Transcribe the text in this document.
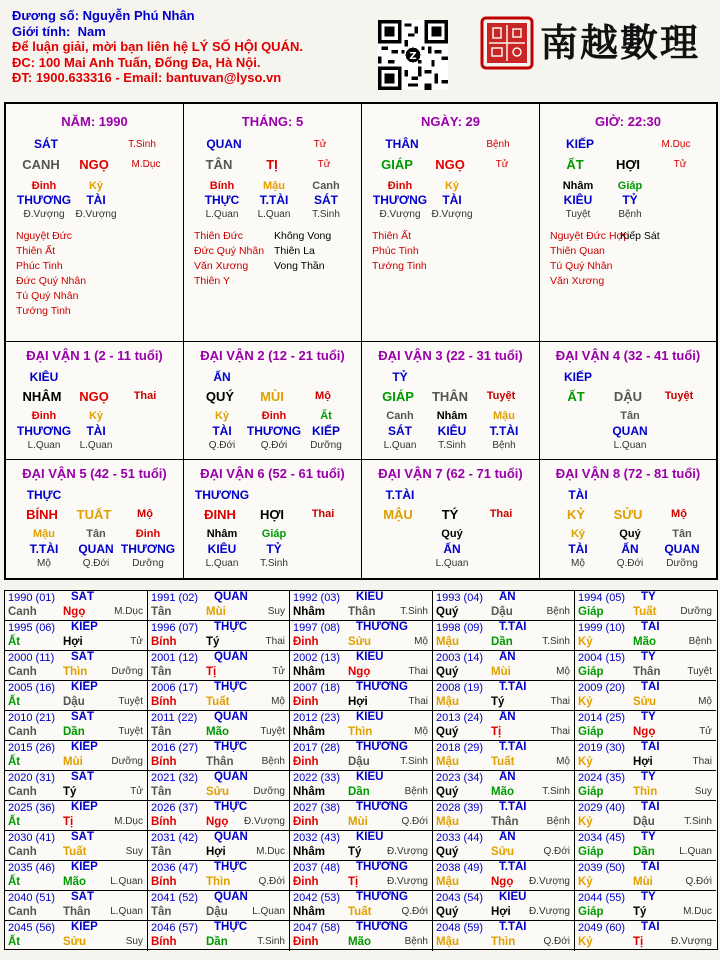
Đương số: Nguyễn Phú Nhân
Giới tính: Nam
Để luận giải, mời bạn liên hệ LÝ SỐ HỘI QUÁN.
ĐC: 100 Mai Anh Tuấn, Đống Đa, Hà Nội.
ĐT: 1900.633316 - Email: bantuvan@lyso.vn
Z	南越數理
NĂM: 1990
SÁT	T.Sinh
CANH	NGỌ	M.Dục
Đinh
THƯƠNG
Đ.Vượng
Kỷ
TÀI
Đ.Vượng
Nguyệt Đức
Thiên Ất
Phúc Tinh
Đức Quý Nhân
Tú Quý Nhân
Tướng Tinh
THÁNG: 5
QUAN	Tử
TÂN	TỊ	Tử
Bính
THỰC
L.Quan
Mậu
T.TÀI
L.Quan
Canh
SÁT
T.Sinh
Thiên Đức
Đức Quý Nhân
Văn Xương
Thiên Y
Không Vong
Thiên La
Vong Thần
NGÀY: 29
THÂN	Bệnh
GIÁP	NGỌ	Tử
Đinh
THƯƠNG
Đ.Vượng
Kỷ
TÀI
Đ.Vượng
Thiên Ất
Phúc Tinh
Tướng Tinh
GIỜ: 22:30
KIẾP	M.Dục
ẤT	HỢI	Tử
Nhâm
KIÊU
Tuyệt
Giáp
TỶ
Bệnh
Nguyệt Đức Hợp
Thiên Quan
Tú Quý Nhân
Văn Xương
Kiếp Sát
ĐẠI VẬN 1 (2 - 11 tuổi)
KIÊU
NHÂM	NGỌ	Thai
Đinh
THƯƠNG
L.Quan
Kỷ
TÀI
L.Quan
ĐẠI VẬN 2 (12 - 21 tuổi)
ẤN
QUÝ	MÙI	Mộ
Kỷ
TÀI
Q.Đới
Đinh
THƯƠNG
Q.Đới
Ất
KIẾP
Dưỡng
ĐẠI VẬN 3 (22 - 31 tuổi)
TỶ
GIÁP	THÂN	Tuyệt
Canh
SÁT
L.Quan
Nhâm
KIÊU
T.Sinh
Mậu
T.TÀI
Bệnh
ĐẠI VẬN 4 (32 - 41 tuổi)
KIẾP
ẤT	DẬU	Tuyệt
Tân
QUAN
L.Quan
ĐẠI VẬN 5 (42 - 51 tuổi)
THỰC
BÍNH	TUẤT	Mộ
Mậu
T.TÀI
Mộ
Tân
QUAN
Q.Đới
Đinh
THƯƠNG
Dưỡng
ĐẠI VẬN 6 (52 - 61 tuổi)
THƯƠNG
ĐINH	HỢI	Thai
Nhâm
KIÊU
L.Quan
Giáp
TỶ
T.Sinh
ĐẠI VẬN 7 (62 - 71 tuổi)
T.TÀI
MẬU	TÝ	Thai
Quý
ẤN
L.Quan
ĐẠI VẬN 8 (72 - 81 tuổi)
TÀI
KỶ	SỬU	Mộ
Kỷ
TÀI
Mộ
Quý
ẤN
Q.Đới
Tân
QUAN
Dưỡng
1990 (01) SÁT
Canh Ngọ	M.Dục
1991 (02) QUAN
Tân	Mùi	Suy
1992 (03) KIÊU
Nhâm Thân T.Sinh
1993 (04) ẤN
Quý	Dậu	Bệnh
1994 (05) TỶ
Giáp	Tuất Dưỡng
1995 (06) KIẾP
Ất	Hợi	Tử
1996 (07) THỰC
Bính	Tý	Thai
1997 (08) THƯƠNG
Đinh	Sửu	Mộ
1998 (09) T.TÀI
Mậu	Dần	T.Sinh
1999 (10) TÀI
Kỷ	Mão	Bệnh
2000 (11) SÁT
Canh Thìn Dưỡng
2001 (12) QUAN
Tân	Tị	Tử
2002 (13) KIÊU
Nhâm Ngọ	Thai
2003 (14) ẤN
Quý	Mùi	Mộ
2004 (15) TỶ
Giáp	Thân	Tuyệt
2005 (16) KIẾP
Ất	Dậu	Tuyệt
2006 (17) THỰC
Bính	Tuất	Mộ
2007 (18) THƯƠNG
Đinh	Hợi	Thai
2008 (19) T.TÀI
Mậu	Tý	Thai
2009 (20) TÀI
Kỷ	Sửu	Mộ
2010 (21) SÁT
Canh Dần	Tuyệt
2011 (22) QUAN
Tân	Mão	Tuyệt
2012 (23) KIÊU
Nhâm Thìn	Mộ
2013 (24) ẤN
Quý	Tị	Thai
2014 (25) TỶ
Giáp	Ngọ	Tử
2015 (26) KIẾP
Ất	Mùi	Dưỡng
2016 (27) THỰC
Bính	Thân	Bệnh
2017 (28) THƯƠNG
Đinh	Dậu	T.Sinh
2018 (29) T.TÀI
Mậu	Tuất	Mộ
2019 (30) TÀI
Kỷ	Hợi	Thai
2020 (31) SÁT
Canh Tý	Tử
2021 (32) QUAN
Tân	Sửu Dưỡng
2022 (33) KIÊU
Nhâm Dần	Bệnh
2023 (34) ẤN
Quý	Mão	T.Sinh
2024 (35) TỶ
Giáp	Thìn	Suy
2025 (36) KIẾP
Ất	Tị	M.Dục
2026 (37) THỰC
Bính	Ngọ Đ.Vượng
2027 (38) THƯƠNG
Đinh	Mùi	Q.Đới
2028 (39) T.TÀI
Mậu	Thân	Bệnh
2029 (40) TÀI
Kỷ	Dậu	T.Sinh
2030 (41) SÁT
Canh Tuất	Suy
2031 (42) QUAN
Tân	Hợi	M.Dục
2032 (43) KIÊU
Nhâm Tý	Đ.Vượng
2033 (44) ẤN
Quý	Sửu	Q.Đới
2034 (45) TỶ
Giáp	Dần L.Quan
2035 (46) KIẾP
Ất	Mão L.Quan
2036 (47) THỰC
Bính	Thìn	Q.Đới
2037 (48) THƯƠNG
Đinh	Tị	Đ.Vượng
2038 (49) T.TÀI
Mậu	Ngọ Đ.Vượng
2039 (50) TÀI
Kỷ	Mùi	Q.Đới
2040 (51) SÁT
Canh Thân L.Quan
2041 (52) QUAN
Tân	Dậu L.Quan
2042 (53) THƯƠNG
Nhâm Tuất	Q.Đới
2043 (54) KIÊU
Quý	Hợi Đ.Vượng
2044 (55) TỶ
Giáp	Tý	M.Dục
2045 (56) KIẾP
Ất	Sửu	Suy
2046 (57) THỰC
Bính	Dần	T.Sinh
2047 (58) THƯƠNG
Đinh	Mão	Bệnh
2048 (59) T.TÀI
Mậu	Thìn	Q.Đới
2049 (60) TÀI
Kỷ	Tị	Đ.Vượng
